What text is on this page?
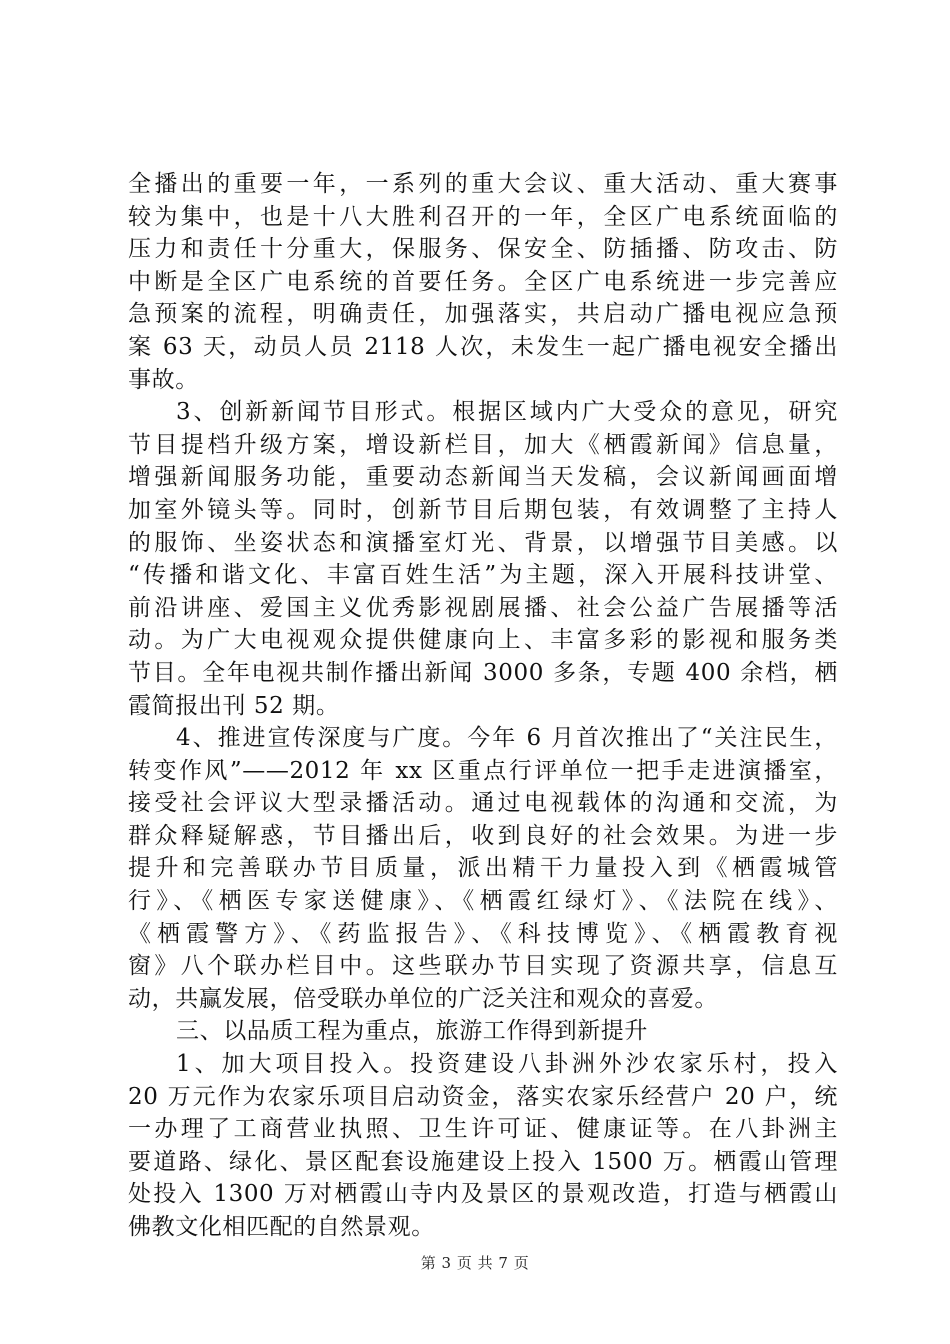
全播出的重要一年，一系列的重大会议、重大活动、重大赛事
较为集中，也是十八大胜利召开的一年，全区广电系统面临的
压力和责任十分重大，保服务、保安全、防插播、防攻击、防
中断是全区广电系统的首要任务。全区广电系统进一步完善应
急预案的流程，明确责任，加强落实，共启动广播电视应急预
案 63 天，动员人员 2118 人次，未发生一起广播电视安全播出
事故。
3、创新新闻节目形式。根据区域内广大受众的意见，研究
节目提档升级方案，增设新栏目，加大《栖霞新闻》信息量，
增强新闻服务功能，重要动态新闻当天发稿，会议新闻画面增
加室外镜头等。同时，创新节目后期包装，有效调整了主持人
的服饰、坐姿状态和演播室灯光、背景，以增强节目美感。以
“传播和谐文化、丰富百姓生活”为主题，深入开展科技讲堂、
前沿讲座、爱国主义优秀影视剧展播、社会公益广告展播等活
动。为广大电视观众提供健康向上、丰富多彩的影视和服务类
节目。全年电视共制作播出新闻 3000 多条，专题 400 余档，栖
霞简报出刊 52 期。
4、推进宣传深度与广度。今年 6 月首次推出了“关注民生，
转变作风”——2012 年 xx 区重点行评单位一把手走进演播室，
接受社会评议大型录播活动。通过电视载体的沟通和交流，为
群众释疑解惑，节目播出后，收到良好的社会效果。为进一步
提升和完善联办节目质量，派出精干力量投入到《栖霞城管
行》、《栖医专家送健康》、《栖霞红绿灯》、《法院在线》、
《栖霞警方》、《药监报告》、《科技博览》、《栖霞教育视
窗》八个联办栏目中。这些联办节目实现了资源共享，信息互
动，共赢发展，倍受联办单位的广泛关注和观众的喜爱。
三、以品质工程为重点，旅游工作得到新提升
1、加大项目投入。投资建设八卦洲外沙农家乐村，投入
20 万元作为农家乐项目启动资金，落实农家乐经营户 20 户，统
一办理了工商营业执照、卫生许可证、健康证等。在八卦洲主
要道路、绿化、景区配套设施建设上投入 1500 万。栖霞山管理
处投入 1300 万对栖霞山寺内及景区的景观改造，打造与栖霞山
佛教文化相匹配的自然景观。
第 3 页 共 7 页
